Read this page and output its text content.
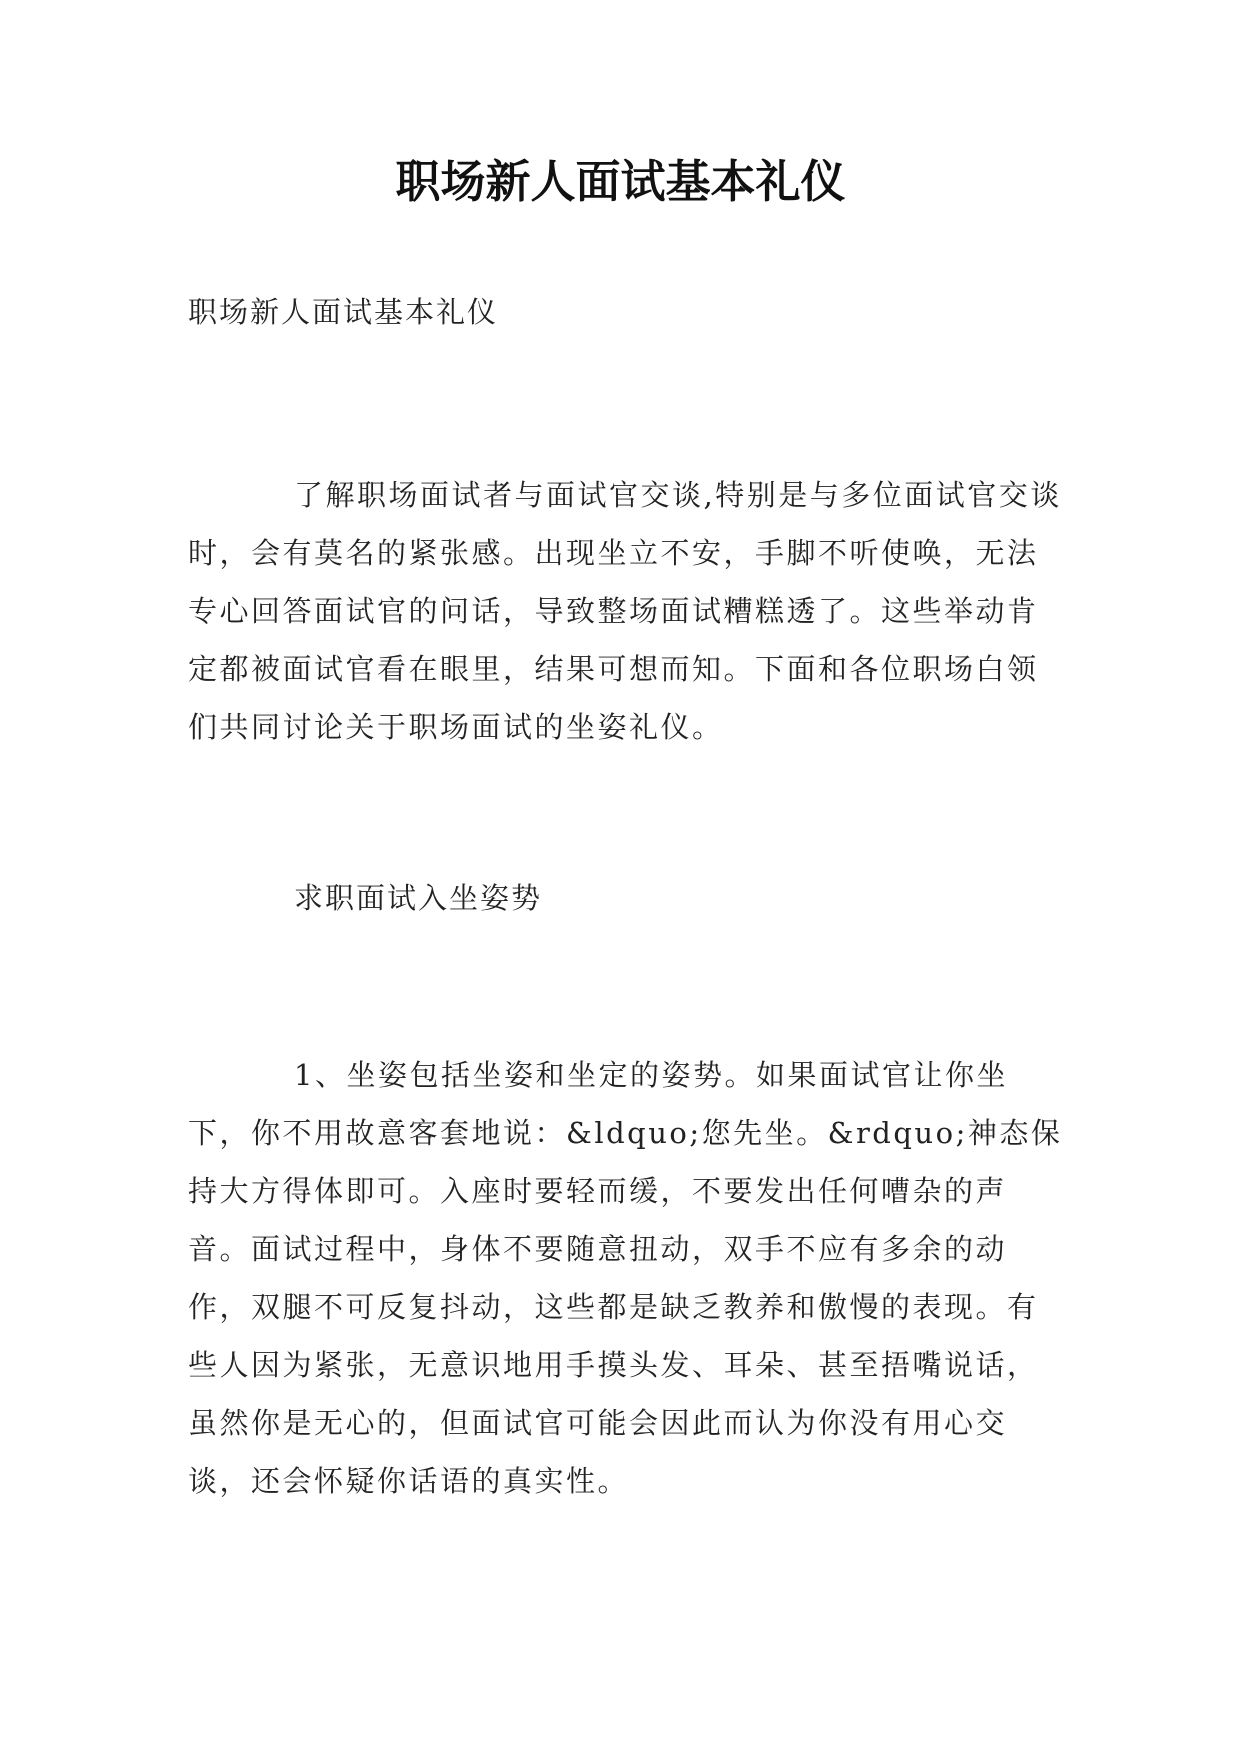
职场新人面试基本礼仪
职场新人面试基本礼仪

了解职场面试者与面试官交谈,特别是与多位面试官交谈时，会有莫名的紧张感。出现坐立不安，手脚不听使唤，无法专心回答面试官的问话，导致整场面试糟糕透了。这些举动肯定都被面试官看在眼里，结果可想而知。下面和各位职场白领们共同讨论关于职场面试的坐姿礼仪。

求职面试入坐姿势

1、坐姿包括坐姿和坐定的姿势。如果面试官让你坐下，你不用故意客套地说：&ldquo;您先坐。&rdquo;神态保持大方得体即可。入座时要轻而缓，不要发出任何嘈杂的声音。面试过程中，身体不要随意扭动，双手不应有多余的动作，双腿不可反复抖动，这些都是缺乏教养和傲慢的表现。有些人因为紧张，无意识地用手摸头发、耳朵、甚至捂嘴说话，虽然你是无心的，但面试官可能会因此而认为你没有用心交谈，还会怀疑你话语的真实性。
